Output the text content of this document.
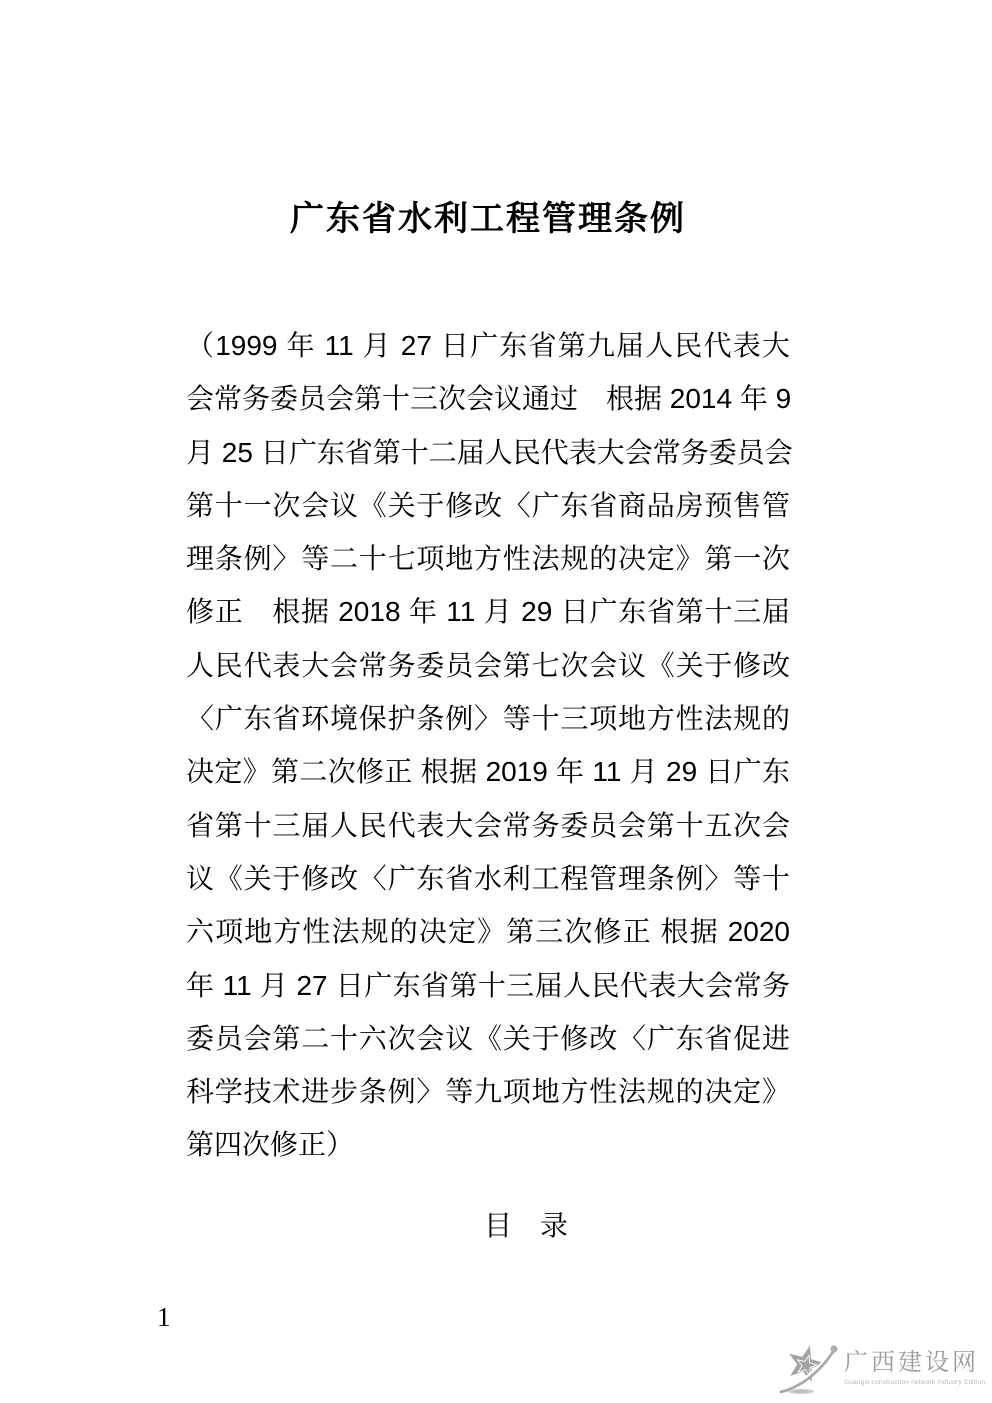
广东省水利工程管理条例
（1999 年 11 月 27 日广东省第九届人民代表大
会常务委员会第十三次会议通过　根据 2014 年 9
月 25 日广东省第十二届人民代表大会常务委员会
第十一次会议《关于修改〈广东省商品房预售管
理条例〉等二十七项地方性法规的决定》第一次
修正　根据 2018 年 11 月 29 日广东省第十三届
人民代表大会常务委员会第七次会议《关于修改
〈广东省环境保护条例〉等十三项地方性法规的
决定》第二次修正 根据 2019 年 11 月 29 日广东
省第十三届人民代表大会常务委员会第十五次会
议《关于修改〈广东省水利工程管理条例〉等十
六项地方性法规的决定》第三次修正 根据 2020
年 11 月 27 日广东省第十三届人民代表大会常务
委员会第二十六次会议《关于修改〈广东省促进
科学技术进步条例〉等九项地方性法规的决定》
第四次修正）
目　录
1
广西建设网
Guangxi construction network Industry Edition
